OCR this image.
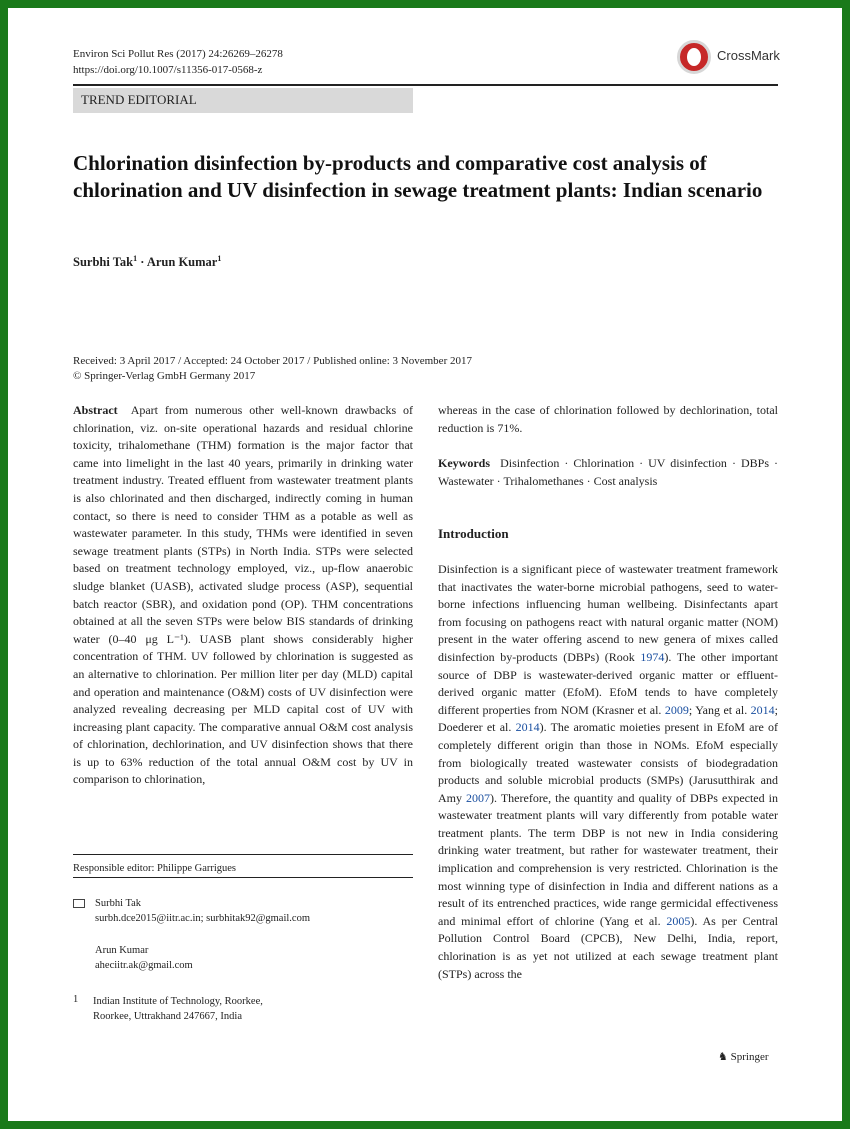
Environ Sci Pollut Res (2017) 24:26269–26278
https://doi.org/10.1007/s11356-017-0568-z
CrossMark
TREND EDITORIAL
Chlorination disinfection by-products and comparative cost analysis of chlorination and UV disinfection in sewage treatment plants: Indian scenario
Surbhi Tak$^1$ · Arun Kumar$^1$
Received: 3 April 2017 / Accepted: 24 October 2017 / Published online: 3 November 2017
© Springer-Verlag GmbH Germany 2017

Abstract Apart from numerous other well-known drawbacks of chlorination, viz. on-site operational hazards and residual chlorine toxicity, trihalomethane (THM) formation is the major factor that came into limelight in the last 40 years, primarily in drinking water treatment industry. Treated effluent from wastewater treatment plants is also chlorinated and then discharged, indirectly coming in human contact, so there is need to consider THM as a potable as well as wastewater parameter. In this study, THMs were identified in seven sewage treatment plants (STPs) in North India. STPs were selected based on treatment technology employed, viz., up-flow anaerobic sludge blanket (UASB), activated sludge process (ASP), sequential batch reactor (SBR), and oxidation pond (OP). THM concentrations obtained at all the seven STPs were below BIS standards of drinking water (0–40 μg L⁻¹). UASB plant shows considerably higher concentration of THM. UV followed by chlorination is suggested as an alternative to chlorination. Per million liter per day (MLD) capital and operation and maintenance (O&M) costs of UV disinfection were analyzed revealing decreasing per MLD capital cost of UV with increasing plant capacity. The comparative annual O&M cost analysis of chlorination, dechlorination, and UV disinfection shows that there is up to 63% reduction of the total annual O&M cost by UV in comparison to chlorination,

Responsible editor: Philippe Garrigues
Surbhi Tak
surbh.dce2015@iitr.ac.in; surbhitak92@gmail.com
Arun Kumar
aheciitr.ak@gmail.com
1 Indian Institute of Technology, Roorkee,
Roorkee, Uttrakhand 247667, India

whereas in the case of chlorination followed by dechlorination, total reduction is 71%.

Keywords Disinfection · Chlorination · UV disinfection · DBPs · Wastewater · Trihalomethanes · Cost analysis

Introduction

Disinfection is a significant piece of wastewater treatment framework that inactivates the water-borne microbial pathogens, seed to water-borne infections influencing human wellbeing. Disinfectants apart from focusing on pathogens react with natural organic matter (NOM) present in the water offering ascend to new genera of mixes called disinfection by-products (DBPs) (Rook 1974). The other important source of DBP is wastewater-derived organic matter or effluent-derived organic matter (EfoM). EfoM tends to have completely different properties from NOM (Krasner et al. 2009; Yang et al. 2014; Doederer et al. 2014). The aromatic moieties present in EfoM are of completely different origin than those in NOMs. EfoM especially from biologically treated wastewater consists of biodegradation products and soluble microbial products (SMPs) (Jarusutthirak and Amy 2007). Therefore, the quantity and quality of DBPs expected in wastewater treatment plants will vary differently from potable water treatment plants. The term DBP is not new in India considering drinking water treatment, but rather for wastewater treatment, their implication and comprehension is very restricted. Chlorination is the most winning type of disinfection in India and different nations as a result of its entrenched practices, wide range germicidal effectiveness and minimal effort of chlorine (Yang et al. 2005). As per Central Pollution Control Board (CPCB), New Delhi, India, report, chlorination is as yet not utilized at each sewage treatment plant (STPs) across the

♞ Springer
